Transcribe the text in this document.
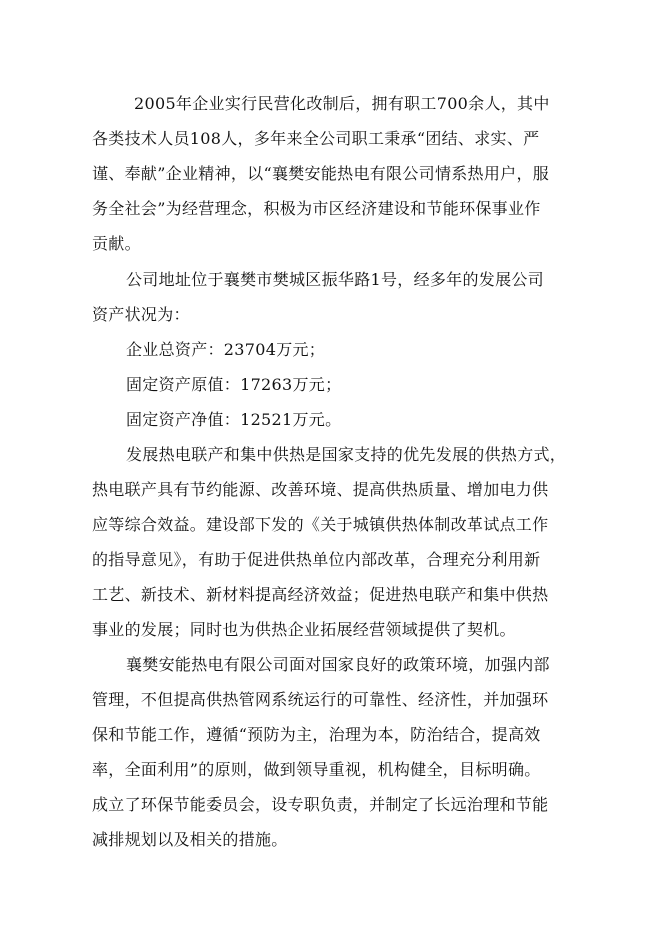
2005年企业实行民营化改制后，拥有职工700余人，其中
各类技术人员108人，多年来全公司职工秉承“团结、求实、严
谨、奉献”企业精神，以“襄樊安能热电有限公司情系热用户，服
务全社会”为经营理念，积极为市区经济建设和节能环保事业作
贡献。
公司地址位于襄樊市樊城区振华路1号，经多年的发展公司
资产状况为：
企业总资产：23704万元；
固定资产原值：17263万元；
固定资产净值：12521万元。
发展热电联产和集中供热是国家支持的优先发展的供热方式，
热电联产具有节约能源、改善环境、提高供热质量、增加电力供
应等综合效益。建设部下发的《关于城镇供热体制改革试点工作
的指导意见》，有助于促进供热单位内部改革，合理充分利用新
工艺、新技术、新材料提高经济效益；促进热电联产和集中供热
事业的发展；同时也为供热企业拓展经营领域提供了契机。
襄樊安能热电有限公司面对国家良好的政策环境，加强内部
管理，不但提高供热管网系统运行的可靠性、经济性，并加强环
保和节能工作，遵循“预防为主，治理为本，防治结合，提高效
率，全面利用”的原则，做到领导重视，机构健全，目标明确。
成立了环保节能委员会，设专职负责，并制定了长远治理和节能
减排规划以及相关的措施。
